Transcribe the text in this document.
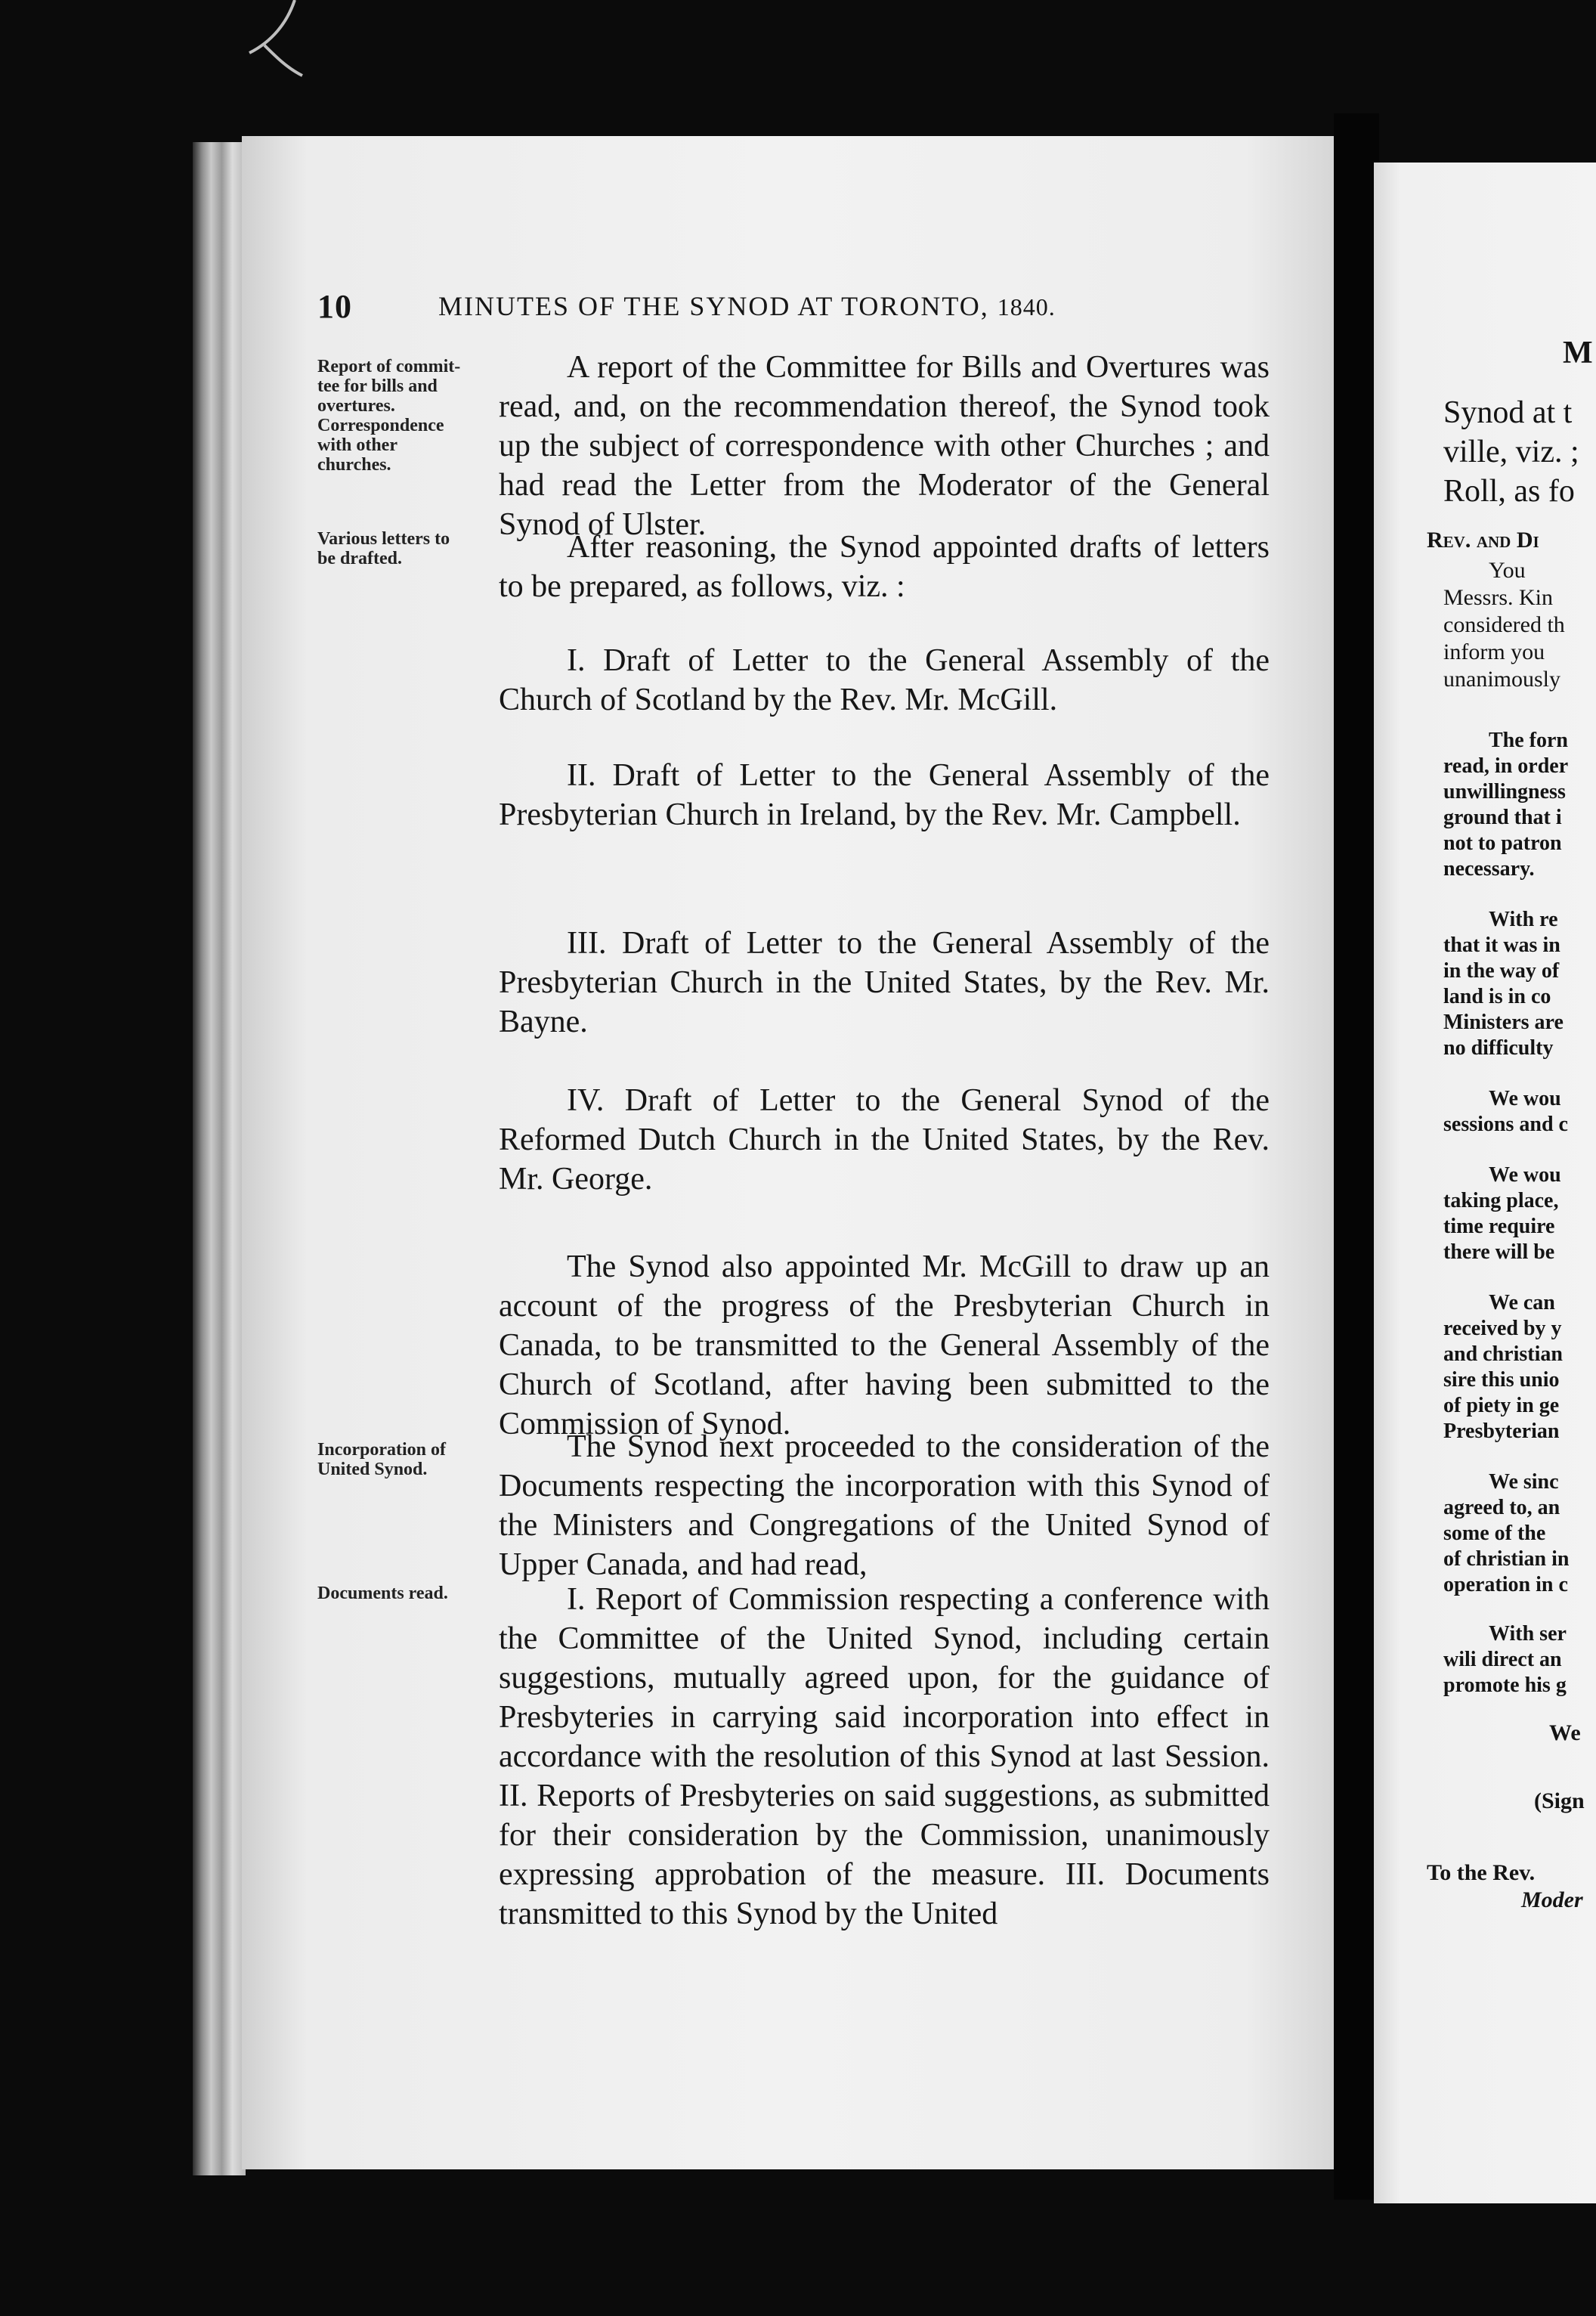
10	MINUTES OF THE SYNOD AT TORONTO, 1840.
Report of commit-
tee for bills and
overtures.
Correspondence
with other
churches.
Various letters to
be drafted.
Incorporation of
United Synod.
Documents read.

A report of the Committee for Bills and Overtures was read, and, on the recommendation thereof, the Synod took up the subject of correspondence with other Churches ; and had read the Letter from the Moderator of the General Synod of Ulster.

After reasoning, the Synod appointed drafts of letters to be prepared, as follows, viz. :

I. Draft of Letter to the General Assembly of the Church of Scotland by the Rev. Mr. McGill.

II. Draft of Letter to the General Assembly of the Presbyterian Church in Ireland, by the Rev. Mr. Campbell.

III. Draft of Letter to the General Assembly of the Presbyterian Church in the United States, by the Rev. Mr. Bayne.

IV. Draft of Letter to the General Synod of the Reformed Dutch Church in the United States, by the Rev. Mr. George.

The Synod also appointed Mr. McGill to draw up an account of the progress of the Presbyterian Church in Canada, to be transmitted to the General Assembly of the Church of Scotland, after having been submitted to the Commission of Synod.

The Synod next proceeded to the consideration of the Documents respecting the incorporation with this Synod of the Ministers and Congregations of the United Synod of Upper Canada, and had read,

I. Report of Commission respecting a conference with the Committee of the United Synod, including certain suggestions, mutually agreed upon, for the guidance of Presbyteries in carrying said incorporation into effect in accordance with the resolution of this Synod at last Session. II. Reports of Presbyteries on said suggestions, as submitted for their consideration by the Commission, unanimously expressing approbation of the measure. III. Documents transmitted to this Synod by the United

M
Synod at t
ville, viz. ;
Roll, as fo
Rev. and Di
You
Messrs. Kin
considered th
inform you
unanimously
The forn
read, in order
unwillingness
ground that i
not to patron
necessary.
With re
that it was in
in the way of
land is in co
Ministers are
no difficulty
We wou
sessions and c
We wou
taking place,
time require
there will be
We can
received by y
and christian
sire this unio
of piety in ge
Presbyterian
We sinc
agreed to, an
some of the
of christian in
operation in c
With ser
wili direct an
promote his g
We
(Sign
To the Rev.
Moder
